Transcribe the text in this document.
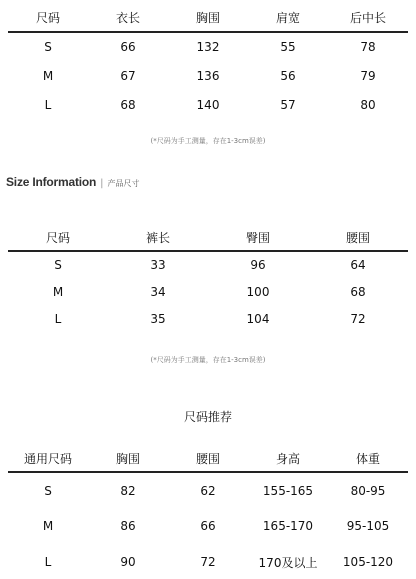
尺码	衣长	胸围	肩宽	后中长
S	66	132	55	78
M	67	136	56	79
L	68	140	57	80
(*尺码为手工测量，存在1-3cm误差)
Size Information | 产品尺寸
尺码	裤长	臀围	腰围
S	33	96	64
M	34	100	68
L	35	104	72
(*尺码为手工测量，存在1-3cm误差)
尺码推荐
通用尺码	胸围	腰围	身高	体重
S	82	62	155-165	80-95
M	86	66	165-170	95-105
L	90	72	170及以上	105-120
